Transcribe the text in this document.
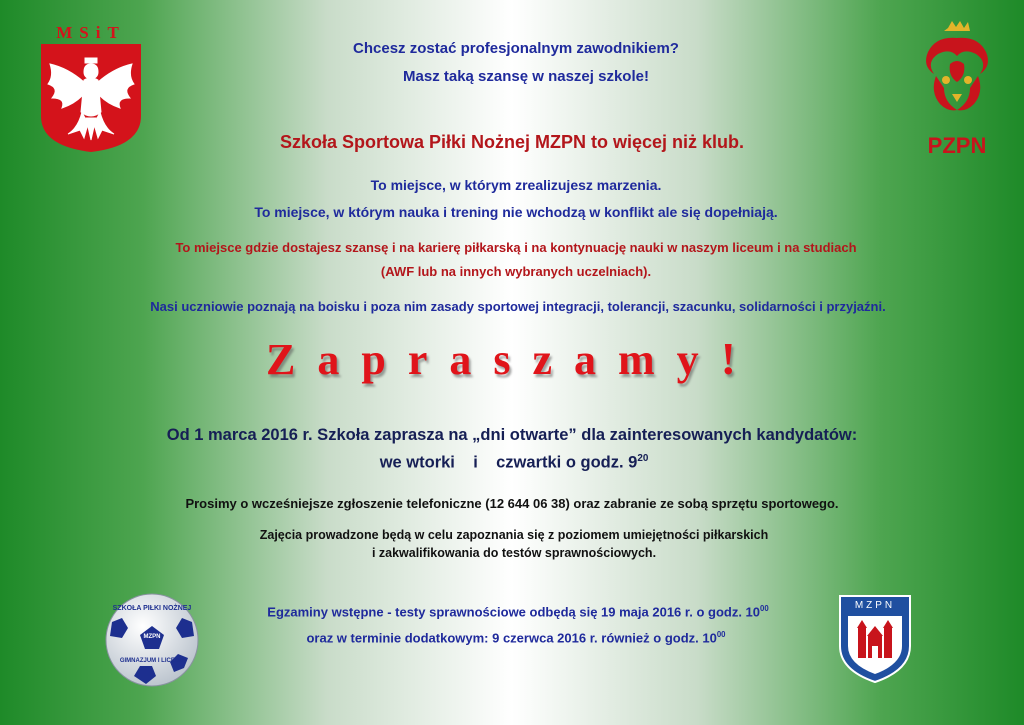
MSiT
PZPN
Chcesz zostać profesjonalnym zawodnikiem?
Masz taką szansę w naszej szkole!
Szkoła Sportowa Piłki Nożnej MZPN to więcej niż klub.
To miejsce, w którym zrealizujesz marzenia.
To miejsce, w którym nauka i trening nie wchodzą w konflikt ale się dopełniają.
To miejsce gdzie dostajesz szansę i na karierę piłkarską i na kontynuację nauki w naszym liceum i na studiach
(AWF lub na innych wybranych uczelniach).
Nasi uczniowie poznają na boisku i poza nim zasady sportowej integracji, tolerancji, szacunku, solidarności i przyjaźni.
Zapraszamy!
Od 1 marca 2016 r. Szkoła zaprasza na „dni otwarte” dla zainteresowanych kandydatów:
we wtorki    i    czwartki o godz. $9^{20}$
Prosimy o wcześniejsze zgłoszenie telefoniczne (12 644 06 38) oraz zabranie ze sobą sprzętu sportowego.
Zajęcia prowadzone będą w celu zapoznania się z poziomem umiejętności piłkarskich
i zakwalifikowania do testów sprawnościowych.
Egzaminy wstępne - testy sprawnościowe odbędą się 19 maja 2016 r. o godz. $10^{00}$
oraz w terminie dodatkowym: 9 czerwca 2016 r. również o godz. $10^{00}$
SZKOŁA PIŁKI NOŻNEJ
MZPN
GIMNAZJUM I LICEUM
MZPN
